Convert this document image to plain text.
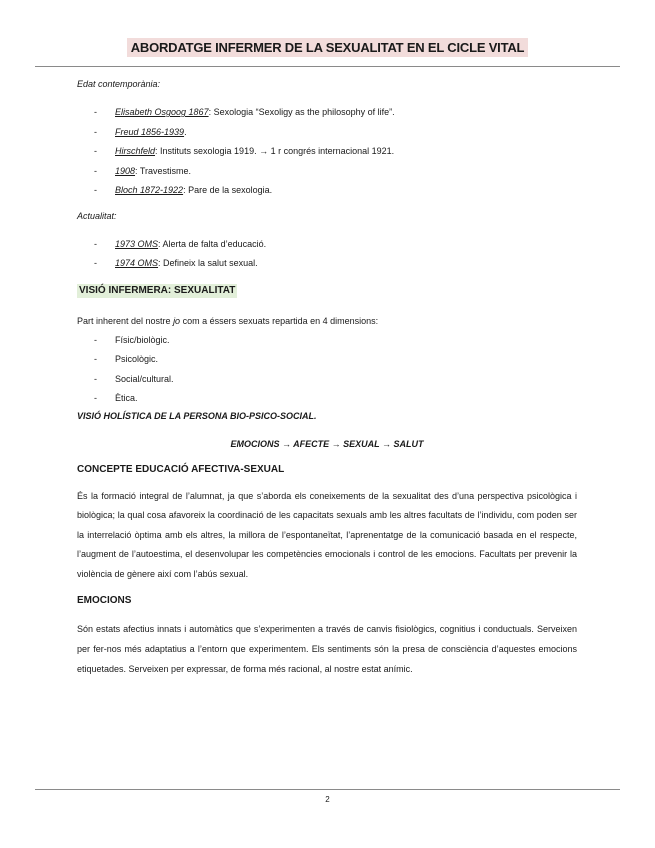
ABORDATGE INFERMER DE LA SEXUALITAT EN EL CICLE VITAL

Edat contemporània:

- Elisabeth Osgoog 1867: Sexologia “Sexoligy as the philosophy of life”.
- Freud 1856-1939.
- Hirschfeld: Instituts sexologia 1919. → 1 r congrés internacional 1921.
- 1908: Travestisme.
- Bloch 1872-1922: Pare de la sexologia.

Actualitat:

- 1973 OMS: Alerta de falta d’educació.
- 1974 OMS: Defineix la salut sexual.

VISIÓ INFERMERA: SEXUALITAT

Part inherent del nostre jo com a éssers sexuats repartida en 4 dimensions:

- Físic/biològic.
- Psicològic.
- Social/cultural.
- Ètica.

VISIÓ HOLÍSTICA DE LA PERSONA BIO-PSICO-SOCIAL.

EMOCIONS → AFECTE → SEXUAL → SALUT

CONCEPTE EDUCACIÓ AFECTIVA-SEXUAL

És la formació integral de l’alumnat, ja que s’aborda els coneixements de la sexualitat des d’una perspectiva psicològica i biològica; la qual cosa afavoreix la coordinació de les capacitats sexuals amb les altres facultats de l’individu, com poden ser la interrelació òptima amb els altres, la millora de l’espontaneïtat, l’aprenentatge de la comunicació basada en el respecte, l’augment de l’autoestima, el desenvolupar les competències emocionals i control de les emocions. Facultats per prevenir la violència de gènere així com l’abús sexual.

EMOCIONS

Són estats afectius innats i automàtics que s’experimenten a través de canvis fisiològics, cognitius i conductuals. Serveixen per fer-nos més adaptatius a l’entorn que experimentem. Els sentiments són la presa de consciència d’aquestes emocions etiquetades. Serveixen per expressar, de forma més racional, al nostre estat anímic.

2
